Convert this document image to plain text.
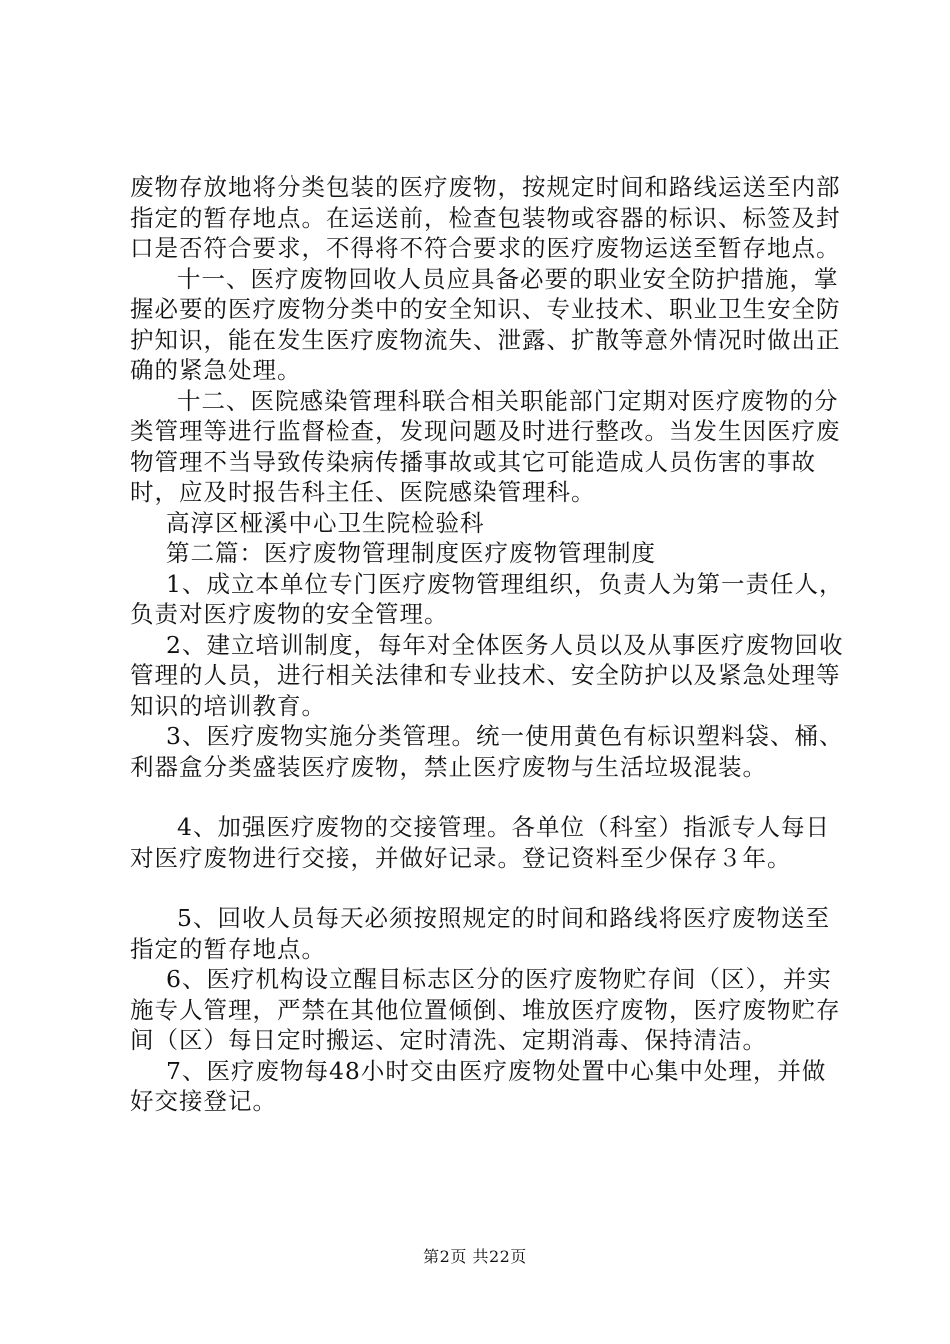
废物存放地将分类包装的医疗废物，按规定时间和路线运送至内部指定的暂存地点。在运送前，检查包装物或容器的标识、标签及封口是否符合要求，不得将不符合要求的医疗废物运送至暂存地点。

十一、医疗废物回收人员应具备必要的职业安全防护措施，掌握必要的医疗废物分类中的安全知识、专业技术、职业卫生安全防护知识，能在发生医疗废物流失、泄露、扩散等意外情况时做出正确的紧急处理。

十二、医院感染管理科联合相关职能部门定期对医疗废物的分类管理等进行监督检查，发现问题及时进行整改。当发生因医疗废物管理不当导致传染病传播事故或其它可能造成人员伤害的事故时，应及时报告科主任、医院感染管理科。

高淳区桠溪中心卫生院检验科

第二篇：医疗废物管理制度医疗废物管理制度

1、成立本单位专门医疗废物管理组织，负责人为第一责任人，负责对医疗废物的安全管理。

2、建立培训制度，每年对全体医务人员以及从事医疗废物回收管理的人员，进行相关法律和专业技术、安全防护以及紧急处理等知识的培训教育。

3、医疗废物实施分类管理。统一使用黄色有标识塑料袋、桶、利器盒分类盛装医疗废物，禁止医疗废物与生活垃圾混装。

4、加强医疗废物的交接管理。各单位（科室）指派专人每日对医疗废物进行交接，并做好记录。登记资料至少保存３年。

5、回收人员每天必须按照规定的时间和路线将医疗废物送至指定的暂存地点。

6、医疗机构设立醒目标志区分的医疗废物贮存间（区），并实施专人管理，严禁在其他位置倾倒、堆放医疗废物，医疗废物贮存间（区）每日定时搬运、定时清洗、定期消毒、保持清洁。

7、医疗废物每48小时交由医疗废物处置中心集中处理，并做好交接登记。

第2页 共22页
